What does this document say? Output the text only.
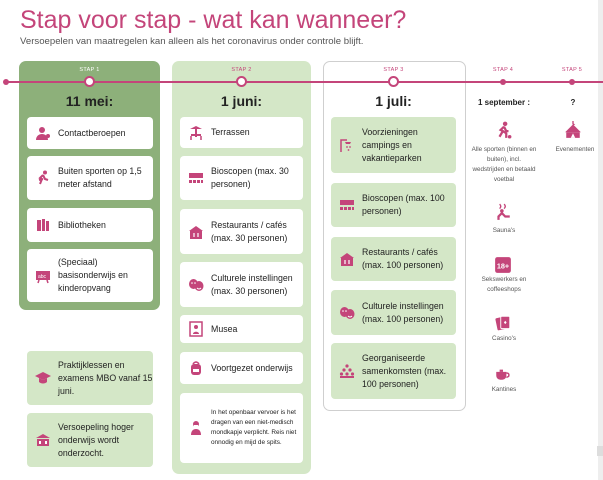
Stap voor stap - wat kan wanneer?
Versoepelen van maatregelen kan alleen als het coronavirus onder controle blijft.
STAP 1	STAP 2	STAP 3	STAP 4	STAP 5
11 mei:	1 juni:	1 juli:	1 september :	?
Contactberoepen
Buiten sporten op 1,5 meter afstand
Bibliotheken
abc
(Speciaal) basisonderwijs en kinderopvang
Praktijklessen en examens MBO vanaf 15 juni.
Versoepeling hoger onderwijs wordt onderzocht.
Terrassen
Bioscopen (max. 30 personen)
Restaurants / cafés (max. 30 personen)
Culturele instellingen (max. 30 personen)
Musea
Voortgezet onderwijs
In het openbaar vervoer is het dragen van een niet-medisch mondkapje verplicht. Reis niet onnodig en mijd de spits.
Voorzieningen campings en vakantieparken
Bioscopen (max. 100 personen)
Restaurants / cafés (max. 100 personen)
Culturele instellingen (max. 100 personen)
Georganiseerde samenkomsten (max. 100 personen)
Alle sporten (binnen en buiten), incl. wedstrijden en betaald voetbal
Sauna's
18+
Sekswerkers en coffeeshops
Casino's
Kantines
Evenementen
